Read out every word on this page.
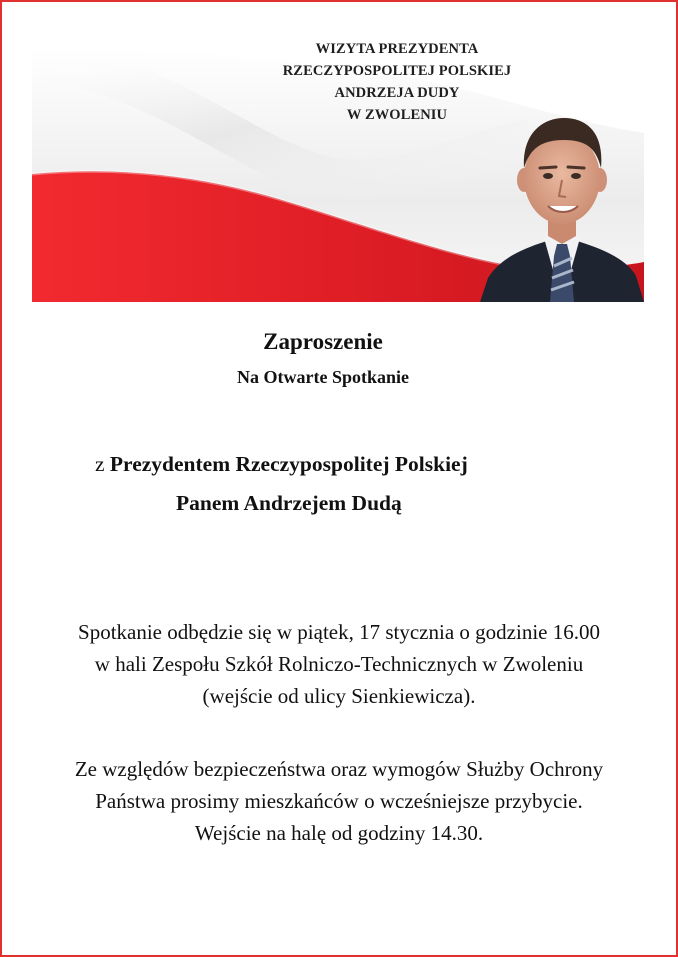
WIZYTA PREZYDENTA
RZECZYPOSPOLITEJ POLSKIEJ
ANDRZEJA DUDY
W ZWOLENIU
Zaproszenie
Na Otwarte Spotkanie
z Prezydentem Rzeczypospolitej Polskiej
Panem Andrzejem Dudą
Spotkanie odbędzie się w piątek, 17 stycznia o godzinie 16.00
w hali Zespołu Szkół Rolniczo-Technicznych w Zwoleniu
(wejście od ulicy Sienkiewicza).
Ze względów bezpieczeństwa oraz wymogów Służby Ochrony
Państwa prosimy mieszkańców o wcześniejsze przybycie.
Wejście na halę od godziny 14.30.
